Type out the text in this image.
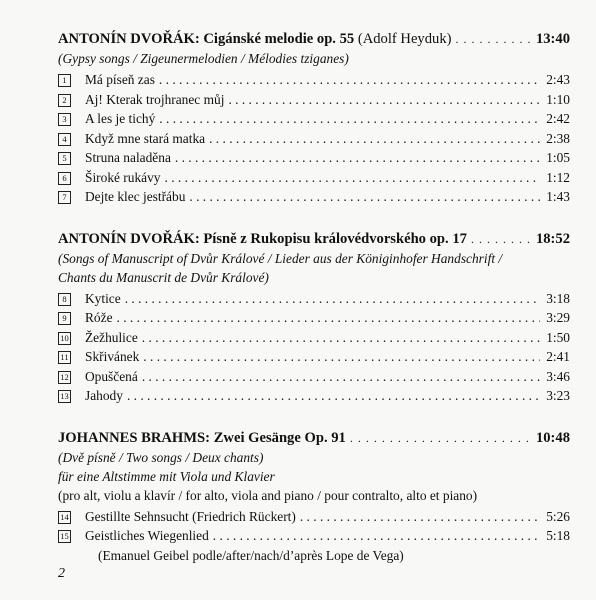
ANTONÍN DVOŘÁK:
Cigánské melodie op. 55
(Adolf Heyduk) . . .	13:40
(Gypsy songs / Zigeunermelodien / Mélodies tziganes)
1	Má píseň zas . . .	2:43
2	Aj! Kterak trojhranec můj . . .	1:10
3	A les je tichý . . .	2:42
4	Když mne stará matka . . .	2:38
5	Struna naladěna . . .	1:05
6	Široké rukávy . . .	1:12
7	Dejte klec jestřábu . . .	1:43
ANTONÍN DVOŘÁK:
Písně z Rukopisu královédvorského op. 17 . . .	18:52
(Songs of Manuscript of Dvůr Králové / Lieder aus der Königinhofer Handschrift /
Chants du Manuscrit de Dvůr Králové)
8	Kytice . . .	3:18
9	Róže . . .	3:29
10 Žežhulice . . .	1:50
11 Skřivánek . . .	2:41
12 Opuščená . . .	3:46
13 Jahody . . .	3:23
JOHANNES BRAHMS:
Zwei Gesänge Op. 91 . . .	10:48
(Dvě písně / Two songs / Deux chants)
für eine Altstimme mit Viola und Klavier
(pro alt, violu a klavír / for alto, viola and piano / pour contralto, alto et piano)
14 Gestillte Sehnsucht (Friedrich Rückert) . . .	5:26
15 Geistliches Wiegenlied . . .	5:18
(Emanuel Geibel podle/after/nach/d’après Lope de Vega)
2
